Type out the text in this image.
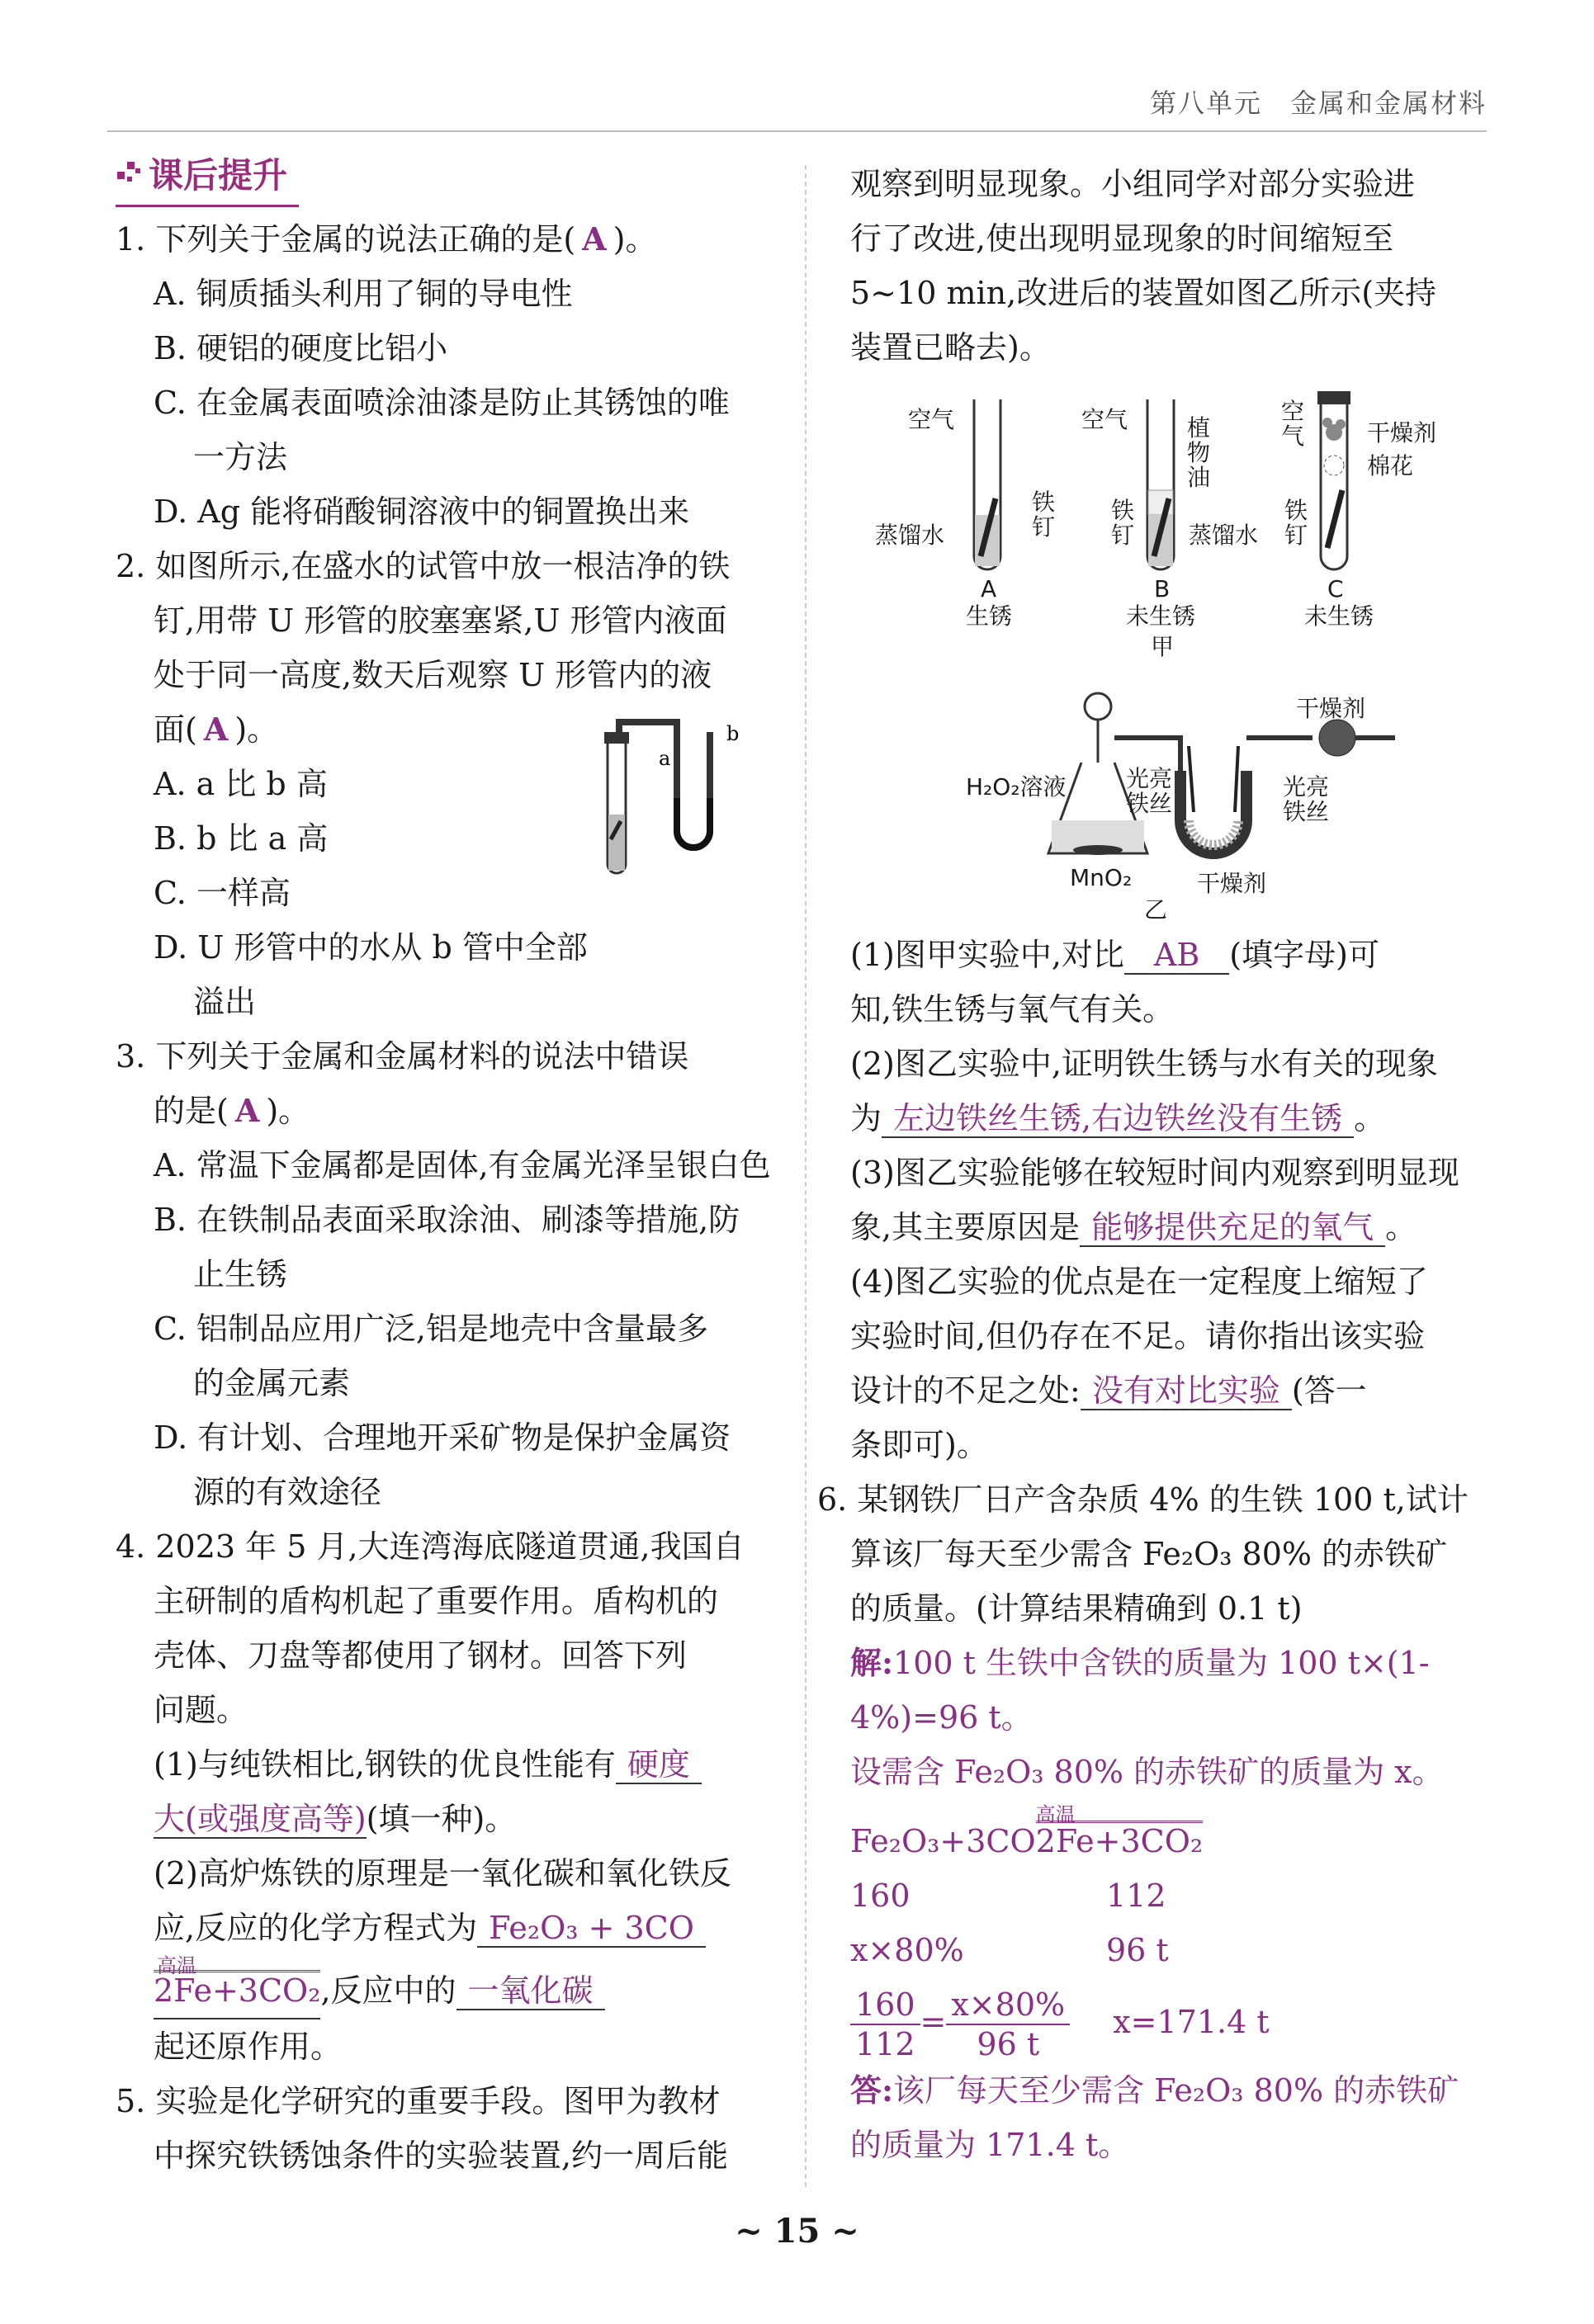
第八单元　金属和金属材料
课后提升

1. 下列关于金属的说法正确的是( A )。

A. 铜质插头利用了铜的导电性

B. 硬铝的硬度比铝小

C. 在金属表面喷涂油漆是防止其锈蚀的唯

一方法

D. Ag 能将硝酸铜溶液中的铜置换出来

2. 如图所示,在盛水的试管中放一根洁净的铁

钉,用带 U 形管的胶塞塞紧,U 形管内液面

处于同一高度,数天后观察 U 形管内的液

面( A )。

A. a 比 b 高

B. b 比 a 高

C. 一样高

D. U 形管中的水从 b 管中全部

溢出

a
b

3. 下列关于金属和金属材料的说法中错误

的是( A )。

A. 常温下金属都是固体,有金属光泽呈银白色

B. 在铁制品表面采取涂油、刷漆等措施,防

止生锈

C. 铝制品应用广泛,铝是地壳中含量最多

的金属元素

D. 有计划、合理地开采矿物是保护金属资

源的有效途径

4. 2023 年 5 月,大连湾海底隧道贯通,我国自

主研制的盾构机起了重要作用。盾构机的

壳体、刀盘等都使用了钢材。回答下列

问题。

(1)与纯铁相比,钢铁的优良性能有 硬度

大(或强度高等)(填一种)。

(2)高炉炼铁的原理是一氧化碳和氧化铁反

应,反应的化学方程式为 Fe₂O₃ + 3CO

高温
2Fe+3CO₂,反应中的 一氧化碳

起还原作用。

5. 实验是化学研究的重要手段。图甲为教材

中探究铁锈蚀条件的实验装置,约一周后能

观察到明显现象。小组同学对部分实验进

行了改进,使出现明显现象的时间缩短至

5~10 min,改进后的装置如图乙所示(夹持

装置已略去)。

空气
蒸馏水
铁钉
A
生锈
空气	植物油
铁钉 蒸馏水
B
未生锈
甲
空气	干燥剂
棉花
铁钉
C
未生锈
H₂O₂溶液
MnO₂
光亮铁丝
干燥剂
光亮铁丝
干燥剂
乙

(1)图甲实验中,对比 AB (填字母)可

知,铁生锈与氧气有关。

(2)图乙实验中,证明铁生锈与水有关的现象

为 左边铁丝生锈,右边铁丝没有生锈 。

(3)图乙实验能够在较短时间内观察到明显现

象,其主要原因是 能够提供充足的氧气 。

(4)图乙实验的优点是在一定程度上缩短了

实验时间,但仍存在不足。请你指出该实验

设计的不足之处: 没有对比实验 (答一

条即可)。

6. 某钢铁厂日产含杂质 4% 的生铁 100 t,试计

算该厂每天至少需含 Fe₂O₃ 80% 的赤铁矿

的质量。(计算结果精确到 0.1 t)

解:100 t 生铁中含铁的质量为 100 t×(1-

4%)=96 t。

设需含 Fe₂O₃ 80% 的赤铁矿的质量为 x。

Fe₂O₃+3CO
高温
2Fe+3CO₂

160	112

x×80%	96 t

$\frac{160}{112} = \frac{x\times 80\%}{96 t} x=171.4$ t

答:该厂每天至少需含 Fe₂O₃ 80% 的赤铁矿

的质量为 171.4 t。

~ 15 ~
